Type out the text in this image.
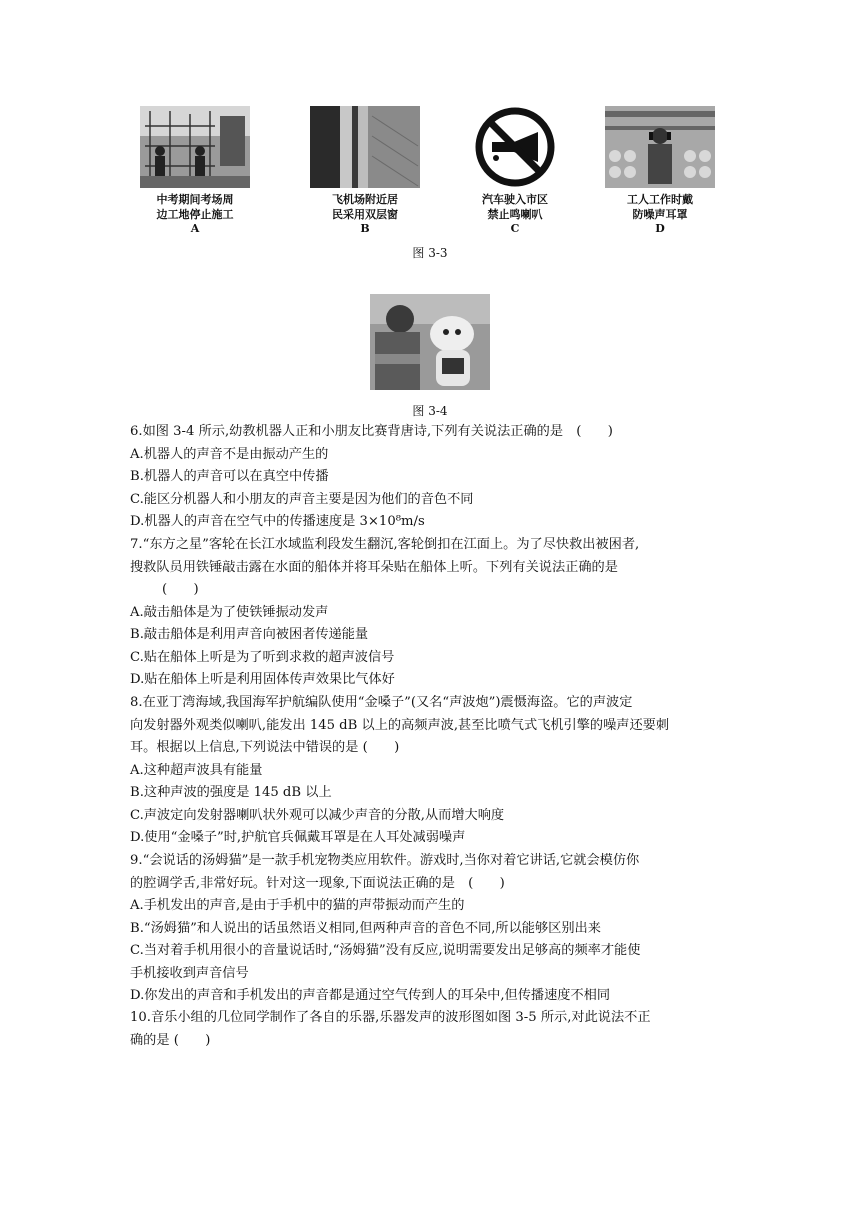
中考期间考场周
边工地停止施工
A
飞机场附近居
民采用双层窗
B
汽车驶入市区
禁止鸣喇叭
C
工人工作时戴
防噪声耳罩
D
图 3-3
图 3-4
6.如图 3-4 所示,幼教机器人正和小朋友比赛背唐诗,下列有关说法正确的是　(　　)
A.机器人的声音不是由振动产生的
B.机器人的声音可以在真空中传播
C.能区分机器人和小朋友的声音主要是因为他们的音色不同
D.机器人的声音在空气中的传播速度是 3×10⁸m/s
7.“东方之星”客轮在长江水域监利段发生翻沉,客轮倒扣在江面上。为了尽快救出被困者,
搜救队员用铁锤敲击露在水面的船体并将耳朵贴在船体上听。下列有关说法正确的是
(　　)
A.敲击船体是为了使铁锤振动发声
B.敲击船体是利用声音向被困者传递能量
C.贴在船体上听是为了听到求救的超声波信号
D.贴在船体上听是利用固体传声效果比气体好
8.在亚丁湾海域,我国海军护航编队使用“金嗓子”(又名“声波炮”)震慑海盗。它的声波定
向发射器外观类似喇叭,能发出 145 dB 以上的高频声波,甚至比喷气式飞机引擎的噪声还要刺
耳。根据以上信息,下列说法中错误的是 (　　)
A.这种超声波具有能量
B.这种声波的强度是 145 dB 以上
C.声波定向发射器喇叭状外观可以减少声音的分散,从而增大响度
D.使用“金嗓子”时,护航官兵佩戴耳罩是在人耳处减弱噪声
9.“会说话的汤姆猫”是一款手机宠物类应用软件。游戏时,当你对着它讲话,它就会模仿你
的腔调学舌,非常好玩。针对这一现象,下面说法正确的是　(　　)
A.手机发出的声音,是由于手机中的猫的声带振动而产生的
B.“汤姆猫”和人说出的话虽然语义相同,但两种声音的音色不同,所以能够区别出来
C.当对着手机用很小的音量说话时,“汤姆猫”没有反应,说明需要发出足够高的频率才能使
手机接收到声音信号
D.你发出的声音和手机发出的声音都是通过空气传到人的耳朵中,但传播速度不相同
10.音乐小组的几位同学制作了各自的乐器,乐器发声的波形图如图 3-5 所示,对此说法不正
确的是 (　　)
